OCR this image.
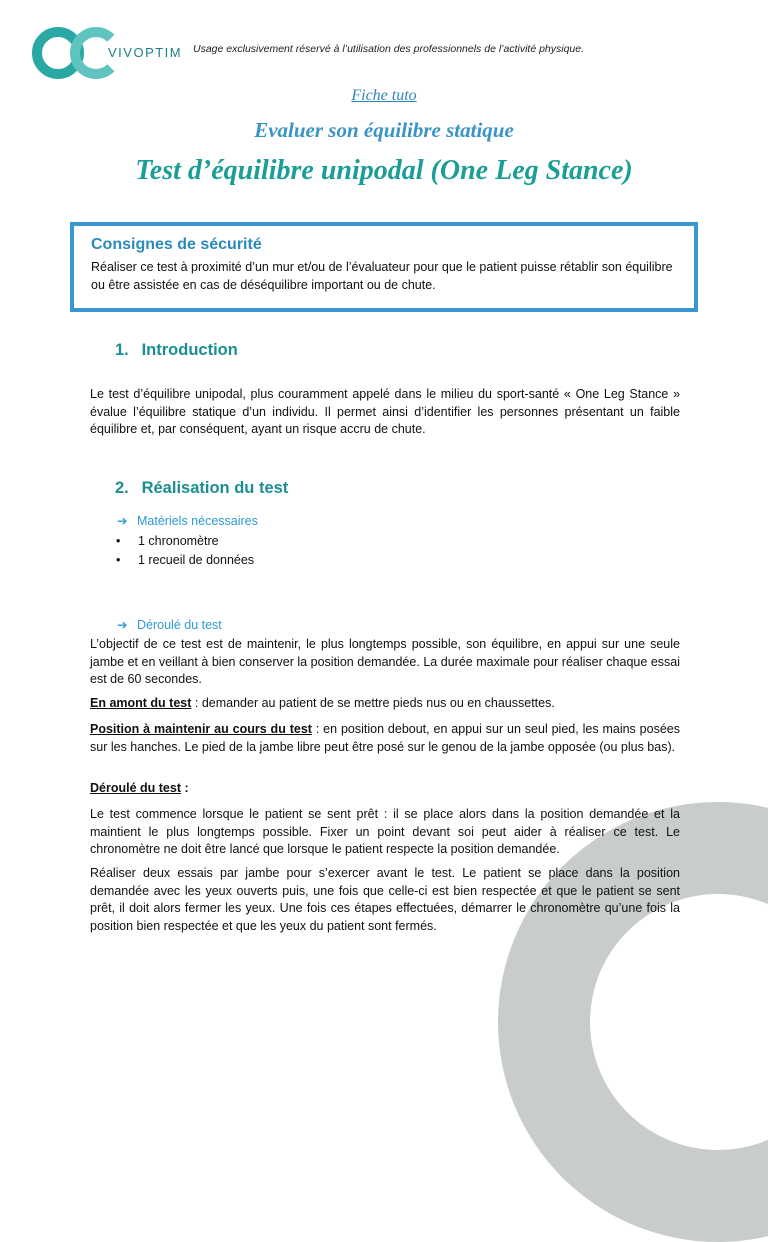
VIVOPTIM Usage exclusivement réservé à l’utilisation des professionnels de l’activité physique.
Fiche tuto
Evaluer son équilibre statique
Test d’équilibre unipodal (One Leg Stance)
Consignes de sécurité
Réaliser ce test à proximité d’un mur et/ou de l’évaluateur pour que le patient puisse rétablir son équilibre ou être assistée en cas de déséquilibre important ou de chute.
1. Introduction
Le test d’équilibre unipodal, plus couramment appelé dans le milieu du sport-santé « One Leg Stance » évalue l’équilibre statique d’un individu. Il permet ainsi d’identifier les personnes présentant un faible équilibre et, par conséquent, ayant un risque accru de chute.
2. Réalisation du test
➔ Matériels nécessaires
• 1 chronomètre
• 1 recueil de données
➔ Déroulé du test
L’objectif de ce test est de maintenir, le plus longtemps possible, son équilibre, en appui sur une seule jambe et en veillant à bien conserver la position demandée. La durée maximale pour réaliser chaque essai est de 60 secondes.
En amont du test : demander au patient de se mettre pieds nus ou en chaussettes.
Position à maintenir au cours du test : en position debout, en appui sur un seul pied, les mains posées sur les hanches. Le pied de la jambe libre peut être posé sur le genou de la jambe opposée (ou plus bas).
Déroulé du test :
Le test commence lorsque le patient se sent prêt : il se place alors dans la position demandée et la maintient le plus longtemps possible. Fixer un point devant soi peut aider à réaliser ce test. Le chronomètre ne doit être lancé que lorsque le patient respecte la position demandée.
Réaliser deux essais par jambe pour s’exercer avant le test. Le patient se place dans la position demandée avec les yeux ouverts puis, une fois que celle-ci est bien respectée et que le patient se sent prêt, il doit alors fermer les yeux. Une fois ces étapes effectuées, démarrer le chronomètre qu’une fois la position bien respectée et que les yeux du patient sont fermés.
